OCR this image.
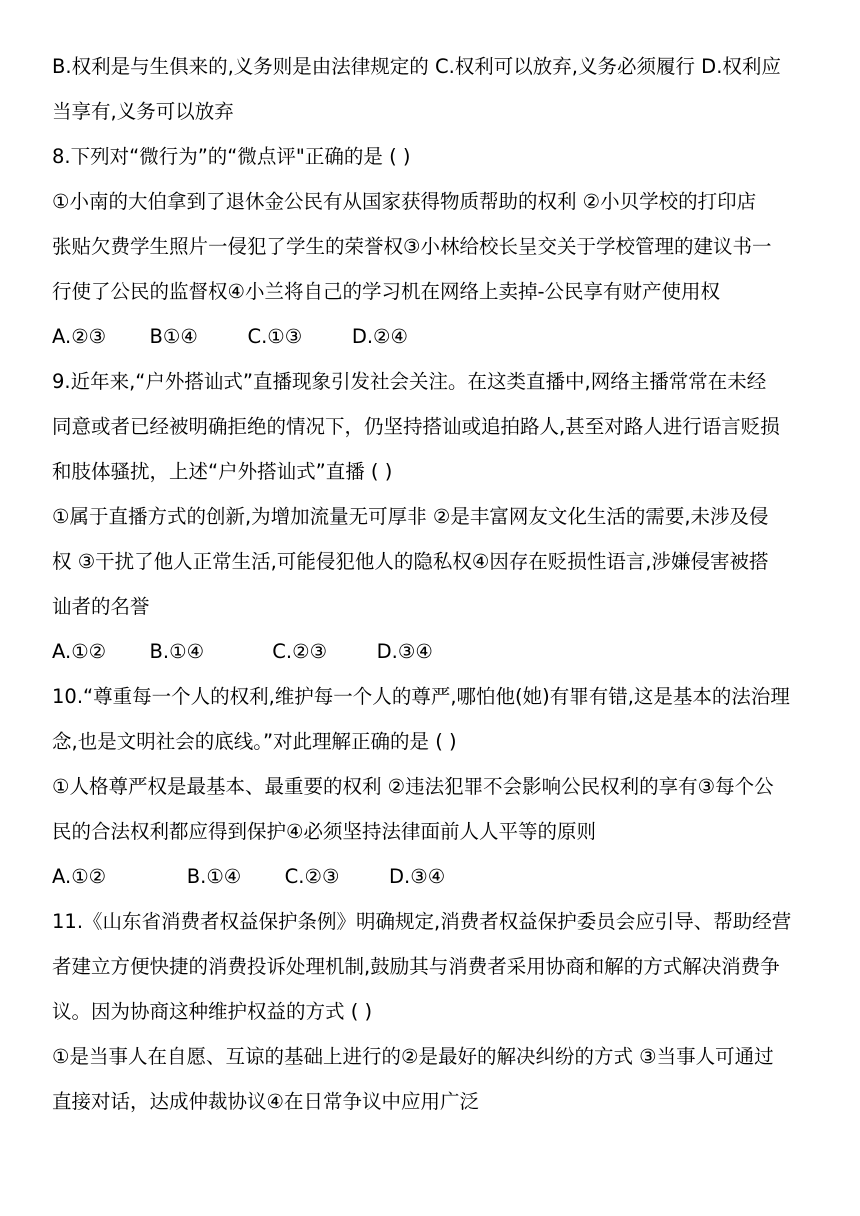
B.权利是与生俱来的,义务则是由法律规定的 C.权利可以放弃,义务必须履行 D.权利应
当享有,义务可以放弃
8.下列对“微行为”的“微点评"正确的是 ( )
①小南的大伯拿到了退休金公民有从国家获得物质帮助的权利 ②小贝学校的打印店
张贴欠费学生照片一侵犯了学生的荣誉权③小林给校长呈交关于学校管理的建议书一
行使了公民的监督权④小兰将自己的学习机在网络上卖掉-公民享有财产使用权
A.②③       B①④        C.①③        D.②④
9.近年来,“户外搭讪式”直播现象引发社会关注。在这类直播中,网络主播常常在未经
同意或者已经被明确拒绝的情况下，仍坚持搭讪或追拍路人,甚至对路人进行语言贬损
和肢体骚扰，上述“户外搭讪式”直播 ( )
①属于直播方式的创新,为增加流量无可厚非 ②是丰富网友文化生活的需要,未涉及侵
权 ③干扰了他人正常生活,可能侵犯他人的隐私权④因存在贬损性语言,涉嫌侵害被搭
讪者的名誉
A.①②       B.①④           C.②③        D.③④
10.“尊重每一个人的权利,维护每一个人的尊严,哪怕他(她)有罪有错,这是基本的法治理
念,也是文明社会的底线。”对此理解正确的是 ( )
①人格尊严权是最基本、最重要的权利 ②违法犯罪不会影响公民权利的享有③每个公
民的合法权利都应得到保护④必须坚持法律面前人人平等的原则
A.①②             B.①④       C.②③        D.③④
11.《山东省消费者权益保护条例》明确规定,消费者权益保护委员会应引导、帮助经营
者建立方便快捷的消费投诉处理机制,鼓励其与消费者采用协商和解的方式解决消费争
议。因为协商这种维护权益的方式 ( )
①是当事人在自愿、互谅的基础上进行的②是最好的解决纠纷的方式 ③当事人可通过
直接对话，达成仲裁协议④在日常争议中应用广泛
